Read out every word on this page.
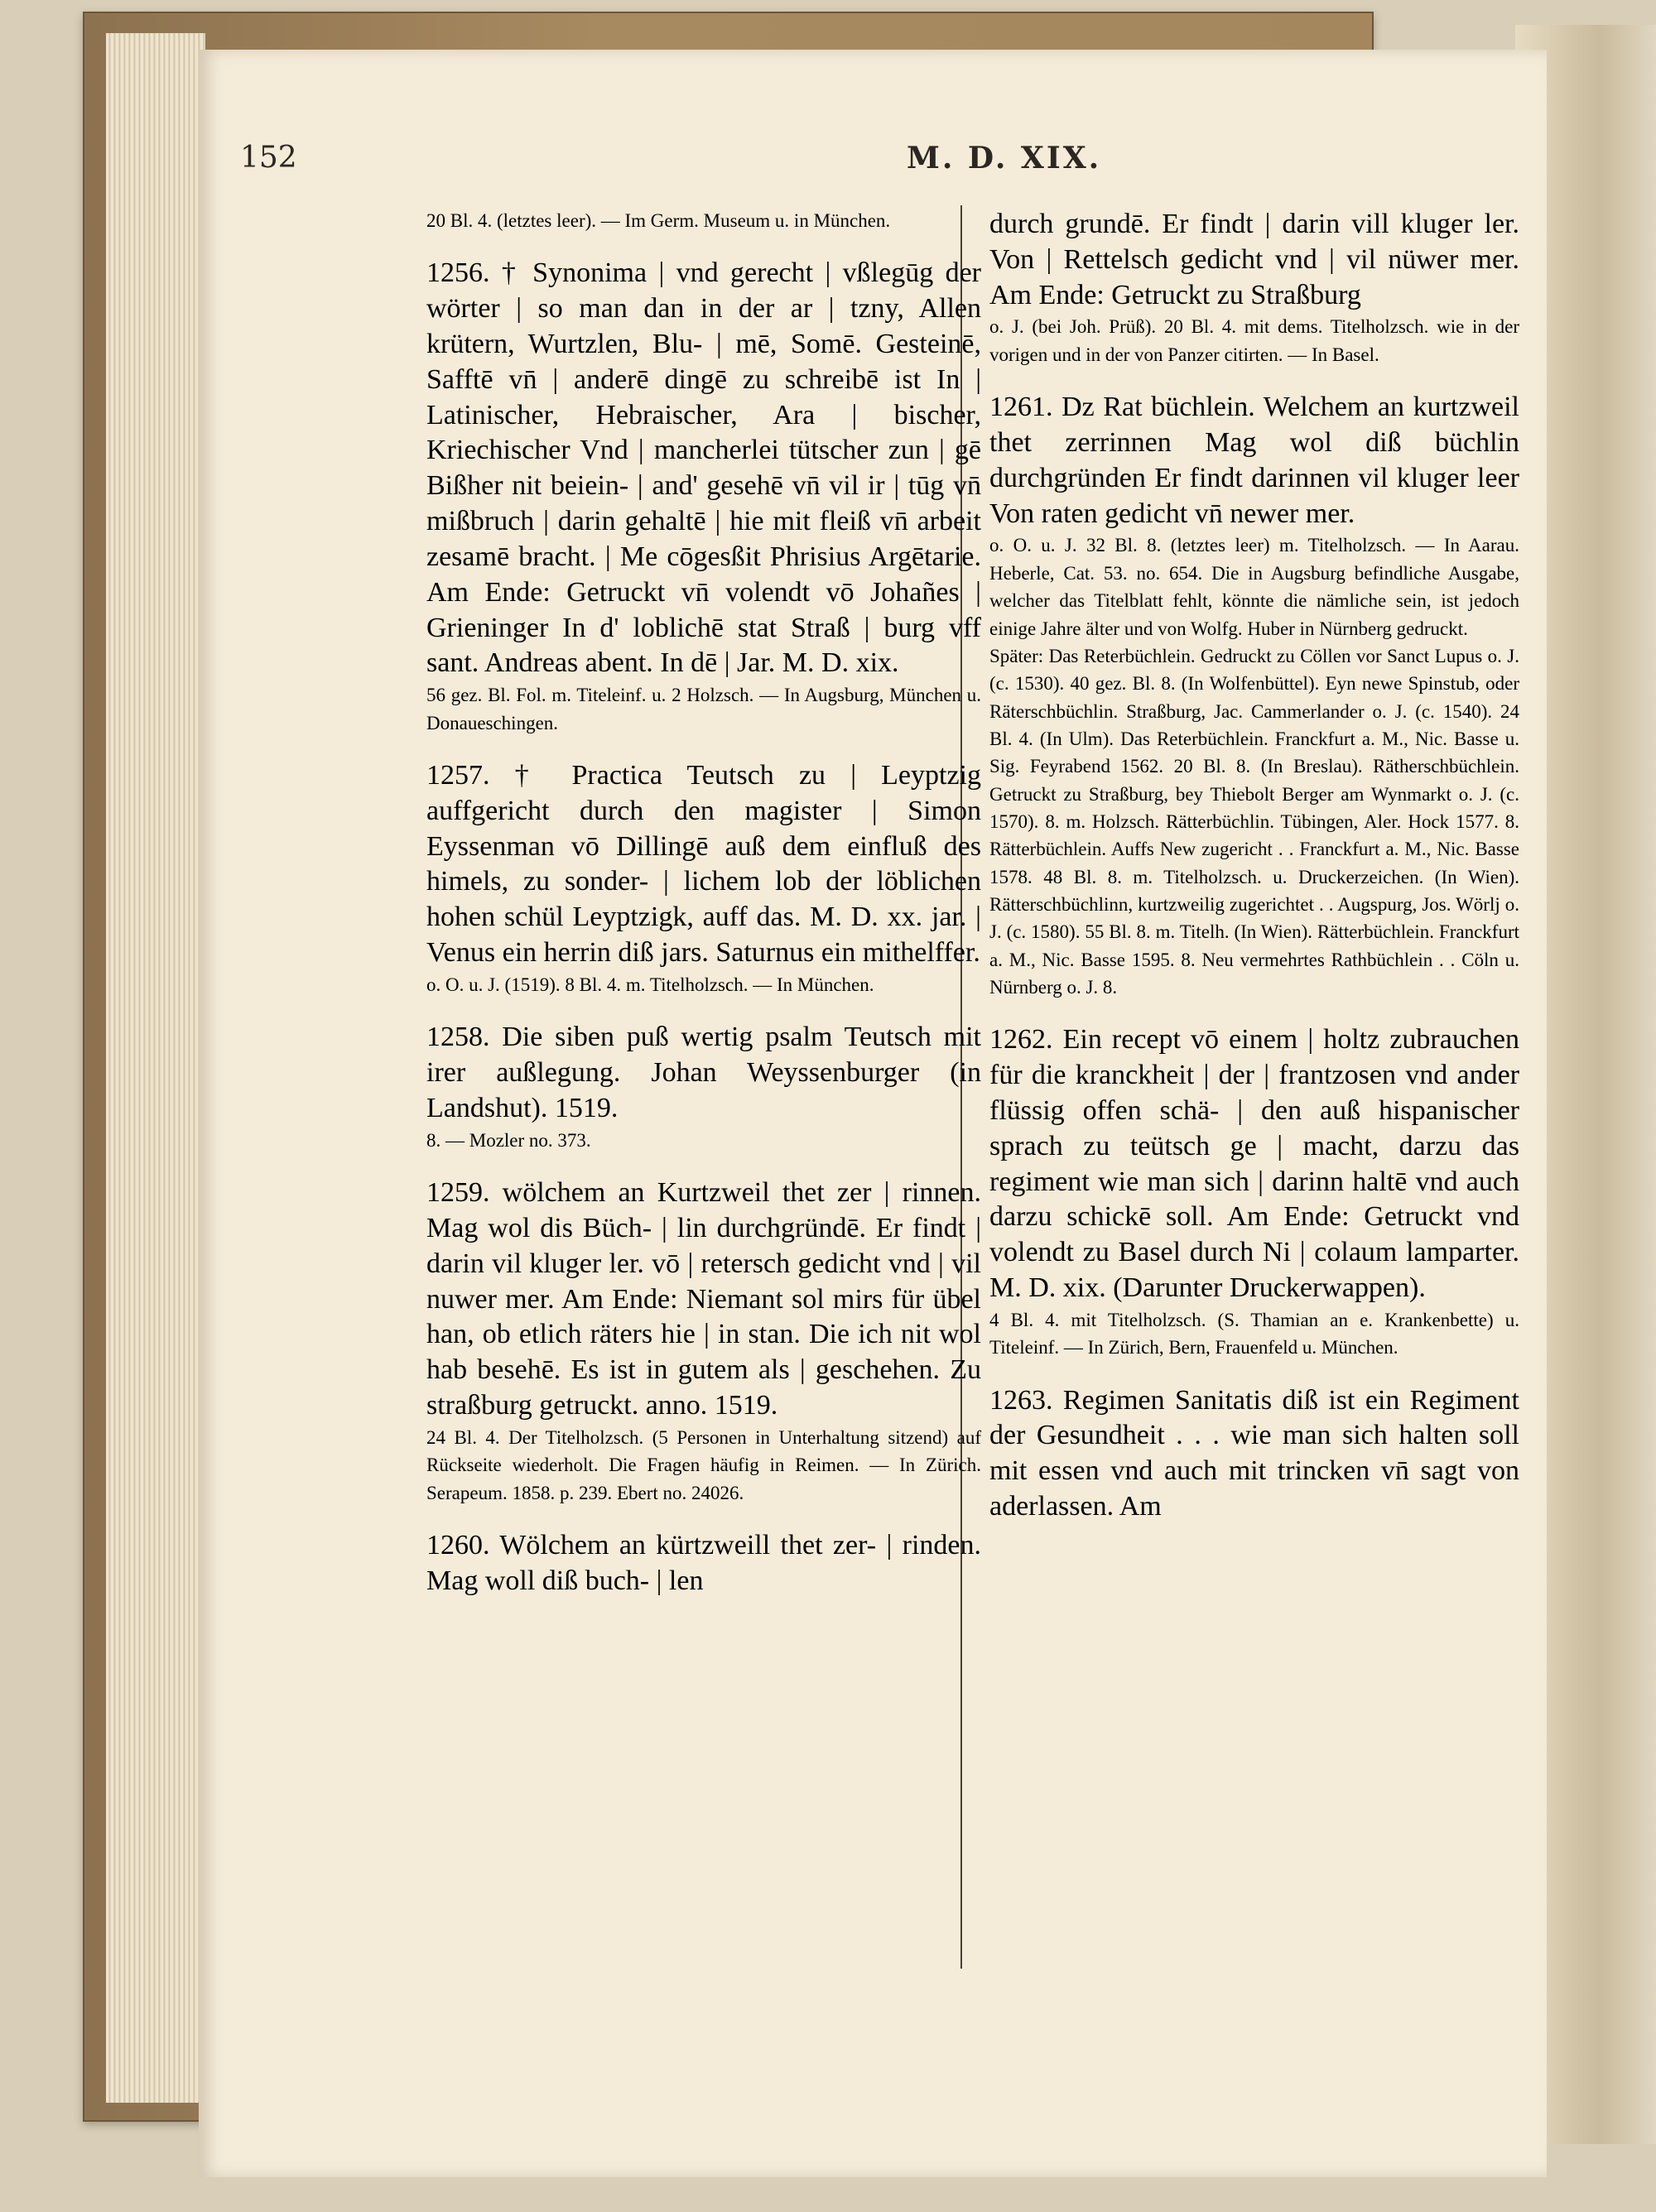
152	M. D. XIX.

20 Bl. 4. (letztes leer). — Im Germ. Museum u. in München.

1256. † Synonima | vnd gerecht | vßlegūg der wörter | so man dan in der ar | tzny, Allen krütern, Wurtzlen, Blu- | mē, Somē. Gesteinē, Safftē vn̄ | anderē dingē zu schreibē ist In | Latinischer, Hebraischer, Ara | bischer, Kriechischer Vnd | mancherlei tütscher zun | gē Bißher nit beiein- | and' gesehē vn̄ vil ir | tūg vn̄ mißbruch | darin gehaltē | hie mit fleiß vn̄ arbeit zesamē bracht. | Me cōgesßit Phrisius Argētarie. Am Ende: Getruckt vn̄ volendt vō Johañes | Grieninger In d' loblichē stat Straß | burg vff sant. Andreas abent. In dē | Jar. M. D. xix.

56 gez. Bl. Fol. m. Titeleinf. u. 2 Holzsch. — In Augsburg, München u. Donaueschingen.

1257. † Practica Teutsch zu | Leyptzig auffgericht durch den magister | Simon Eyssenman vō Dillingē auß dem einfluß des himels, zu sonder- | lichem lob der löblichen hohen schül Leyptzigk, auff das. M. D. xx. jar. | Venus ein herrin diß jars. Saturnus ein mithelffer.

o. O. u. J. (1519). 8 Bl. 4. m. Titelholzsch. — In München.

1258. Die siben puß wertig psalm Teutsch mit irer außlegung. Johan Weyssenburger (in Landshut). 1519.

8. — Mozler no. 373.

1259. wölchem an Kurtzweil thet zer | rinnen. Mag wol dis Büch- | lin durchgründē. Er findt | darin vil kluger ler. vō | retersch gedicht vnd | vil nuwer mer. Am Ende: Niemant sol mirs für übel han, ob etlich räters hie | in stan. Die ich nit wol hab besehē. Es ist in gutem als | geschehen. Zu straßburg getruckt. anno. 1519.

24 Bl. 4. Der Titelholzsch. (5 Personen in Unterhaltung sitzend) auf Rückseite wiederholt. Die Fragen häufig in Reimen. — In Zürich. Serapeum. 1858. p. 239. Ebert no. 24026.

1260. Wölchem an kürtzweill thet zer- | rinden. Mag woll diß buch- | len

durch grundē. Er findt | darin vill kluger ler. Von | Rettelsch gedicht vnd | vil nüwer mer. Am Ende: Getruckt zu Straßburg

o. J. (bei Joh. Prüß). 20 Bl. 4. mit dems. Titelholzsch. wie in der vorigen und in der von Panzer citirten. — In Basel.

1261. Dz Rat büchlein. Welchem an kurtzweil thet zerrinnen Mag wol diß büchlin durchgründen Er findt darinnen vil kluger leer Von raten gedicht vn̄ newer mer.

o. O. u. J. 32 Bl. 8. (letztes leer) m. Titelholzsch. — In Aarau. Heberle, Cat. 53. no. 654. Die in Augsburg befindliche Ausgabe, welcher das Titelblatt fehlt, könnte die nämliche sein, ist jedoch einige Jahre älter und von Wolfg. Huber in Nürnberg gedruckt.

Später: Das Reterbüchlein. Gedruckt zu Cöllen vor Sanct Lupus o. J. (c. 1530). 40 gez. Bl. 8. (In Wolfenbüttel). Eyn newe Spinstub, oder Räterschbüchlin. Straßburg, Jac. Cammerlander o. J. (c. 1540). 24 Bl. 4. (In Ulm). Das Reterbüchlein. Franckfurt a. M., Nic. Basse u. Sig. Feyrabend 1562. 20 Bl. 8. (In Breslau). Rätherschbüchlein. Getruckt zu Straßburg, bey Thiebolt Berger am Wynmarkt o. J. (c. 1570). 8. m. Holzsch. Rätterbüchlin. Tübingen, Aler. Hock 1577. 8. Rätterbüchlein. Auffs New zugericht . . Franckfurt a. M., Nic. Basse 1578. 48 Bl. 8. m. Titelholzsch. u. Druckerzeichen. (In Wien). Rätterschbüchlinn, kurtzweilig zugerichtet . . Augspurg, Jos. Wörlj o. J. (c. 1580). 55 Bl. 8. m. Titelh. (In Wien). Rätterbüchlein. Franckfurt a. M., Nic. Basse 1595. 8. Neu vermehrtes Rathbüchlein . . Cöln u. Nürnberg o. J. 8.

1262. Ein recept vō einem | holtz zubrauchen für die kranckheit | der | frantzosen vnd ander flüssig offen schä- | den auß hispanischer sprach zu teütsch ge | macht, darzu das regiment wie man sich | darinn haltē vnd auch darzu schickē soll. Am Ende: Getruckt vnd volendt zu Basel durch Ni | colaum lamparter. M. D. xix. (Darunter Druckerwappen).

4 Bl. 4. mit Titelholzsch. (S. Thamian an e. Krankenbette) u. Titeleinf. — In Zürich, Bern, Frauenfeld u. München.

1263. Regimen Sanitatis diß ist ein Regiment der Gesundheit . . . wie man sich halten soll mit essen vnd auch mit trincken vn̄ sagt von aderlassen. Am
